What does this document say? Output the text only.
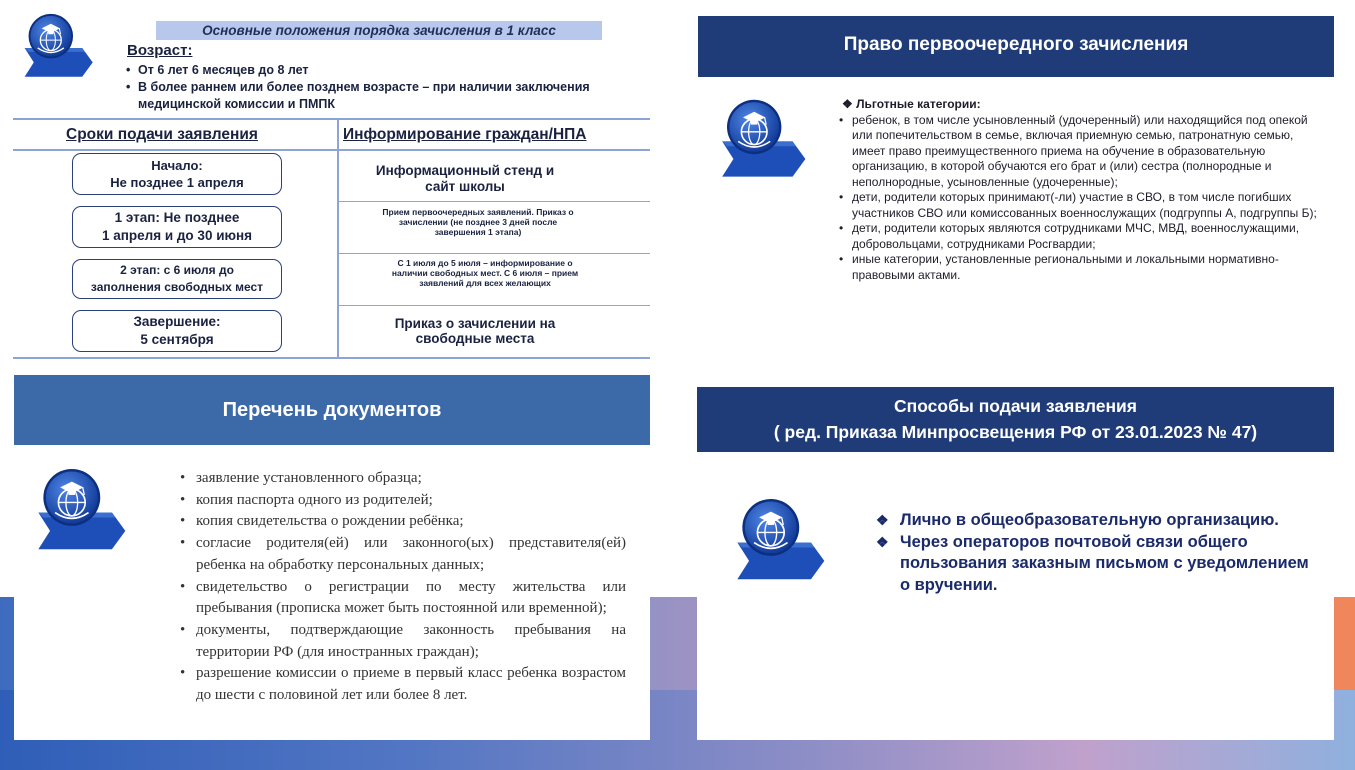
Основные положения порядка зачисления в 1 класс
Возраст:
• От 6 лет 6 месяцев до 8 лет
• В более раннем или более позднем возрасте – при наличии заключения медицинской комиссии и ПМПК
Сроки подачи заявления	Информирование граждан/НПА
Начало:
Не позднее 1 апреля
1 этап: Не позднее
1 апреля и до 30 июня
2 этап: с 6 июля до
заполнения свободных мест
Завершение:
5 сентября
Информационный стенд и сайт школы
Прием первоочередных заявлений. Приказ о зачислении (не позднее 3 дней после завершения 1 этапа)
С 1 июля до 5 июля – информирование о наличии свободных мест. С 6 июля – прием заявлений для всех желающих
Приказ о зачислении на свободные места
Право первоочередного зачисления
❖ Льготные категории:
• ребенок, в том числе усыновленный (удочеренный) или находящийся под опекой или попечительством в семье, включая приемную семью, патронатную семью, имеет право преимущественного приема на обучение в образовательную организацию, в которой обучаются его брат и (или) сестра (полнородные и неполнородные, усыновленные (удочеренные);
• дети, родители которых принимают(-ли) участие в СВО, в том числе погибших участников СВО или комиссованных военнослужащих (подгруппы А, подгруппы Б);
• дети, родители которых являются сотрудниками МЧС, МВД, военнослужащими, добровольцами, сотрудниками Росгвардии;
• иные категории, установленные региональными и локальными нормативно-правовыми актами.
Перечень документов
• заявление установленного образца;
• копия паспорта одного из родителей;
• копия свидетельства о рождении ребёнка;
• согласие родителя(ей) или законного(ых) представителя(ей) ребенка на обработку персональных данных;
• свидетельство о регистрации по месту жительства или пребывания (прописка может быть постоянной или временной);
• документы, подтверждающие законность пребывания на территории РФ (для иностранных граждан);
• разрешение комиссии о приеме в первый класс ребенка возрастом до шести с половиной лет или более 8 лет.
Способы подачи заявления
( ред. Приказа Минпросвещения РФ от 23.01.2023 № 47)
❖ Лично в общеобразовательную организацию.
❖ Через операторов почтовой связи общего пользования заказным письмом с уведомлением о вручении.
